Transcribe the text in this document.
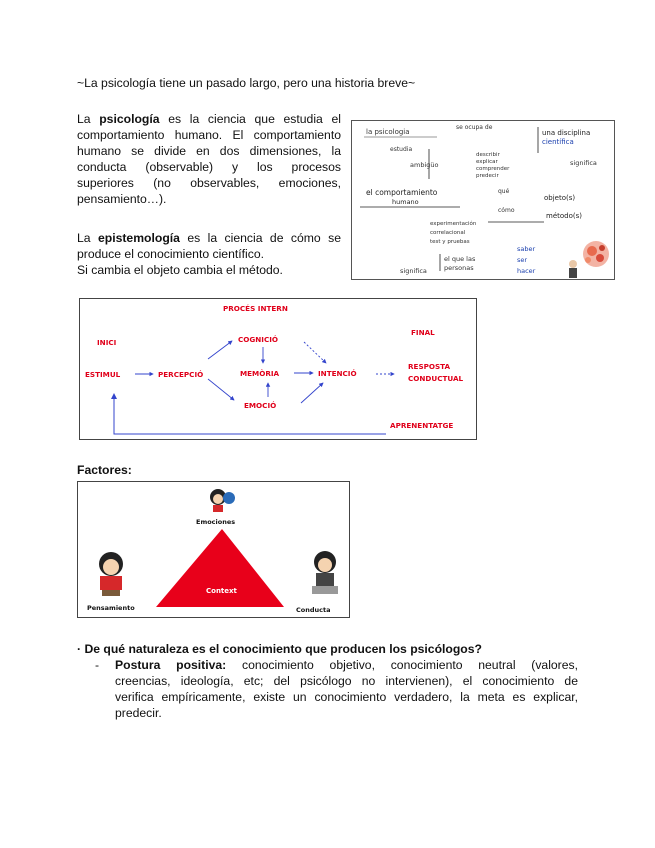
~La psicología tiene un pasado largo, pero una historia breve~
La psicología es la ciencia que estudia el
comportamiento humano. El comportamiento
humano se divide en dos dimensiones, la
conducta (observable) y los procesos
superiores (no observables, emociones,
pensamiento…).
La epistemología es la ciencia de cómo se
produce el conocimiento científico.
Si cambia el objeto cambia el método.
la psicologia
se ocupa de
una disciplina
científica
estudia
ambigüo
describir
explicar
comprender
predecir
significa
el comportamiento
humano
qué
objeto(s)
cómo
método(s)
experimentación
correlacional
test y pruebas
saber
ser
hacer
el que las
personas
significa
PROCÉS INTERN
INICI
ESTIMUL	PERCEPCIÓ
COGNICIÓ
MEMÒRIA
EMOCIÓ
INTENCIÓ
FINAL
RESPOSTA
CONDUCTUAL
APRENENTATGE
Factores:
Emociones
Context
Pensamiento	Conducta
· De qué naturaleza es el conocimiento que producen los psicólogos?
- Postura positiva: conocimiento objetivo, conocimiento neutral (valores,
creencias, ideología, etc; del psicólogo no intervienen), el conocimiento de
verifica empíricamente, existe un conocimiento verdadero, la meta es explicar,
predecir.
